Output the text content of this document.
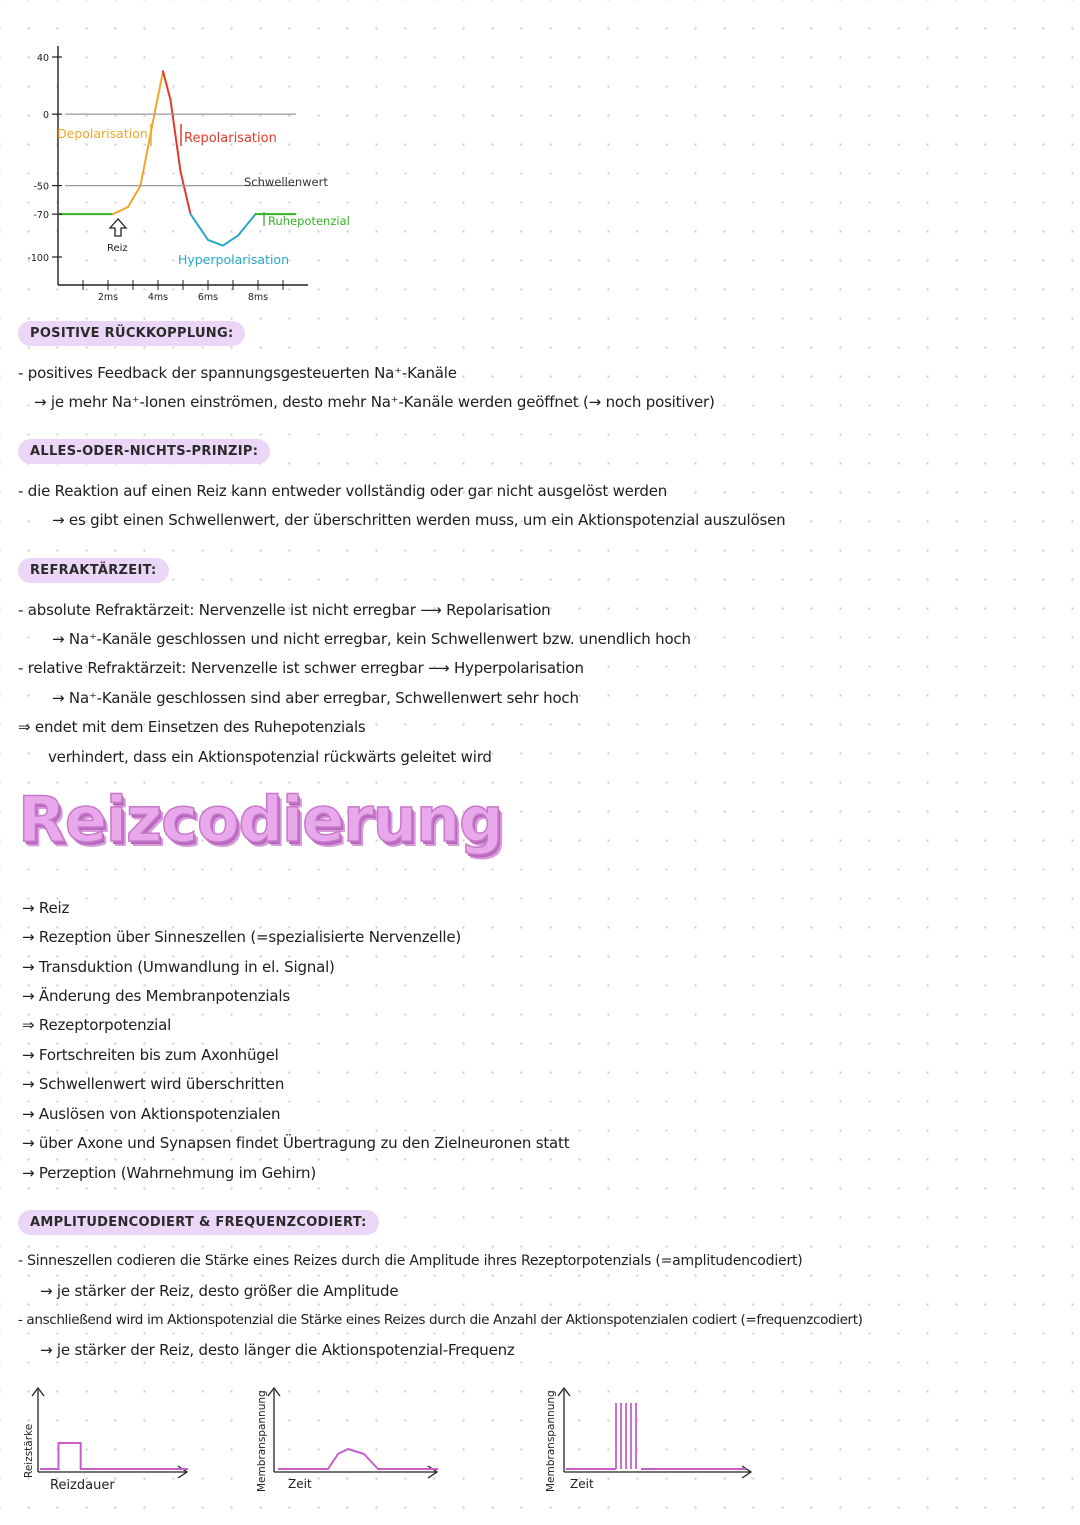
40
0
-50
-70
-100
2ms	4ms	6ms	8ms
Depolarisation	Repolarisation
Schwellenwert
Ruhepotenzial
Hyperpolarisation
Reiz
POSITIVE RÜCKKOPPLUNG:
- positives Feedback der spannungsgesteuerten Na⁺-Kanäle
→ je mehr Na⁺-Ionen einströmen, desto mehr Na⁺-Kanäle werden geöffnet (→ noch positiver)
ALLES-ODER-NICHTS-PRINZIP:
- die Reaktion auf einen Reiz kann entweder vollständig oder gar nicht ausgelöst werden
→ es gibt einen Schwellenwert, der überschritten werden muss, um ein Aktionspotenzial auszulösen
REFRAKTÄRZEIT:
- absolute Refraktärzeit: Nervenzelle ist nicht erregbar ⟶ Repolarisation
→ Na⁺-Kanäle geschlossen und nicht erregbar, kein Schwellenwert bzw. unendlich hoch
- relative Refraktärzeit: Nervenzelle ist schwer erregbar ⟶ Hyperpolarisation
→ Na⁺-Kanäle geschlossen sind aber erregbar, Schwellenwert sehr hoch
⇒ endet mit dem Einsetzen des Ruhepotenzials
verhindert, dass ein Aktionspotenzial rückwärts geleitet wird
Reizcodierung
→ Reiz
→ Rezeption über Sinneszellen (=spezialisierte Nervenzelle)
→ Transduktion (Umwandlung in el. Signal)
→ Änderung des Membranpotenzials
⇒ Rezeptorpotenzial
→ Fortschreiten bis zum Axonhügel
→ Schwellenwert wird überschritten
→ Auslösen von Aktionspotenzialen
→ über Axone und Synapsen findet Übertragung zu den Zielneuronen statt
→ Perzeption (Wahrnehmung im Gehirn)
AMPLITUDENCODIERT & FREQUENZCODIERT:
- Sinneszellen codieren die Stärke eines Reizes durch die Amplitude ihres Rezeptorpotenzials (=amplitudencodiert)
→ je stärker der Reiz, desto größer die Amplitude
- anschließend wird im Aktionspotenzial die Stärke eines Reizes durch die Anzahl der Aktionspotenzialen codiert (=frequenzcodiert)
→ je stärker der Reiz, desto länger die Aktionspotenzial-Frequenz
Reizstärke
Reizdauer	Membranspannung Zeit	Membranspannung Zeit
